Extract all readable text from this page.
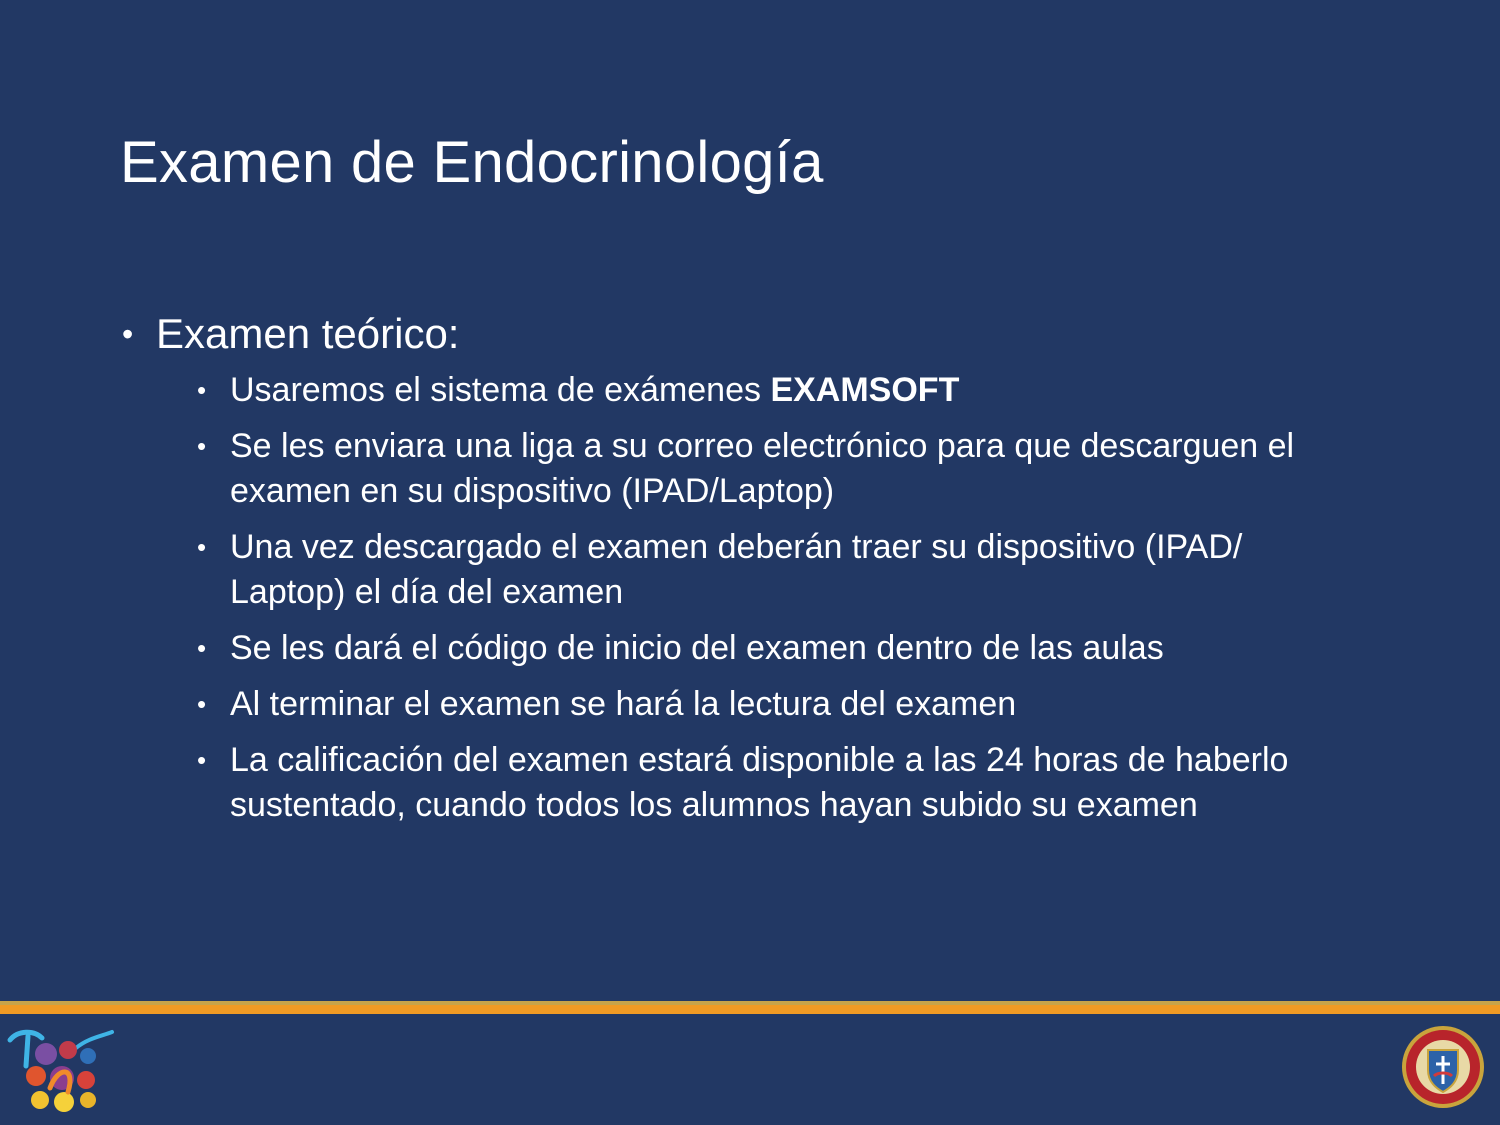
Examen de Endocrinología
• Examen teórico:
• Usaremos el sistema de exámenes EXAMSOFT
• Se les enviara una liga a su correo electrónico para que descarguen el examen en su dispositivo (IPAD/Laptop)
• Una vez descargado el examen deberán traer su dispositivo (IPAD/ Laptop) el día del examen
• Se les dará el código de inicio del examen dentro de las aulas
• Al terminar el examen se hará la lectura del examen
• La calificación del examen estará disponible a las 24 horas de haberlo sustentado, cuando todos los alumnos hayan subido su examen
